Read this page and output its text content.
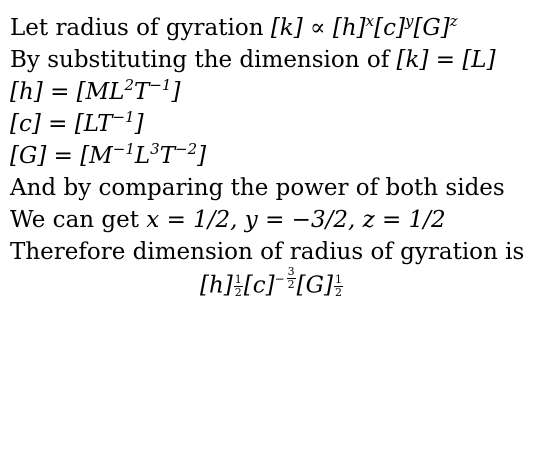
Let radius of gyration $[k] \propto [h]^x[c]^y[G]^z$
By substituting the dimension of [k] = [L]
$[h] = [ML^2T^{-1}]$
$[c] = [LT^{-1}]$
$[G] = [M^{-1}L^3T^{-2}]$
And by comparing the power of both sides
We can get x = 1/2, y = −3/2, z = 1/2
Therefore dimension of radius of gyration is
$[h] \frac{1}{2} [c] - \frac{3}{2} [G] \frac{1}{2}$
